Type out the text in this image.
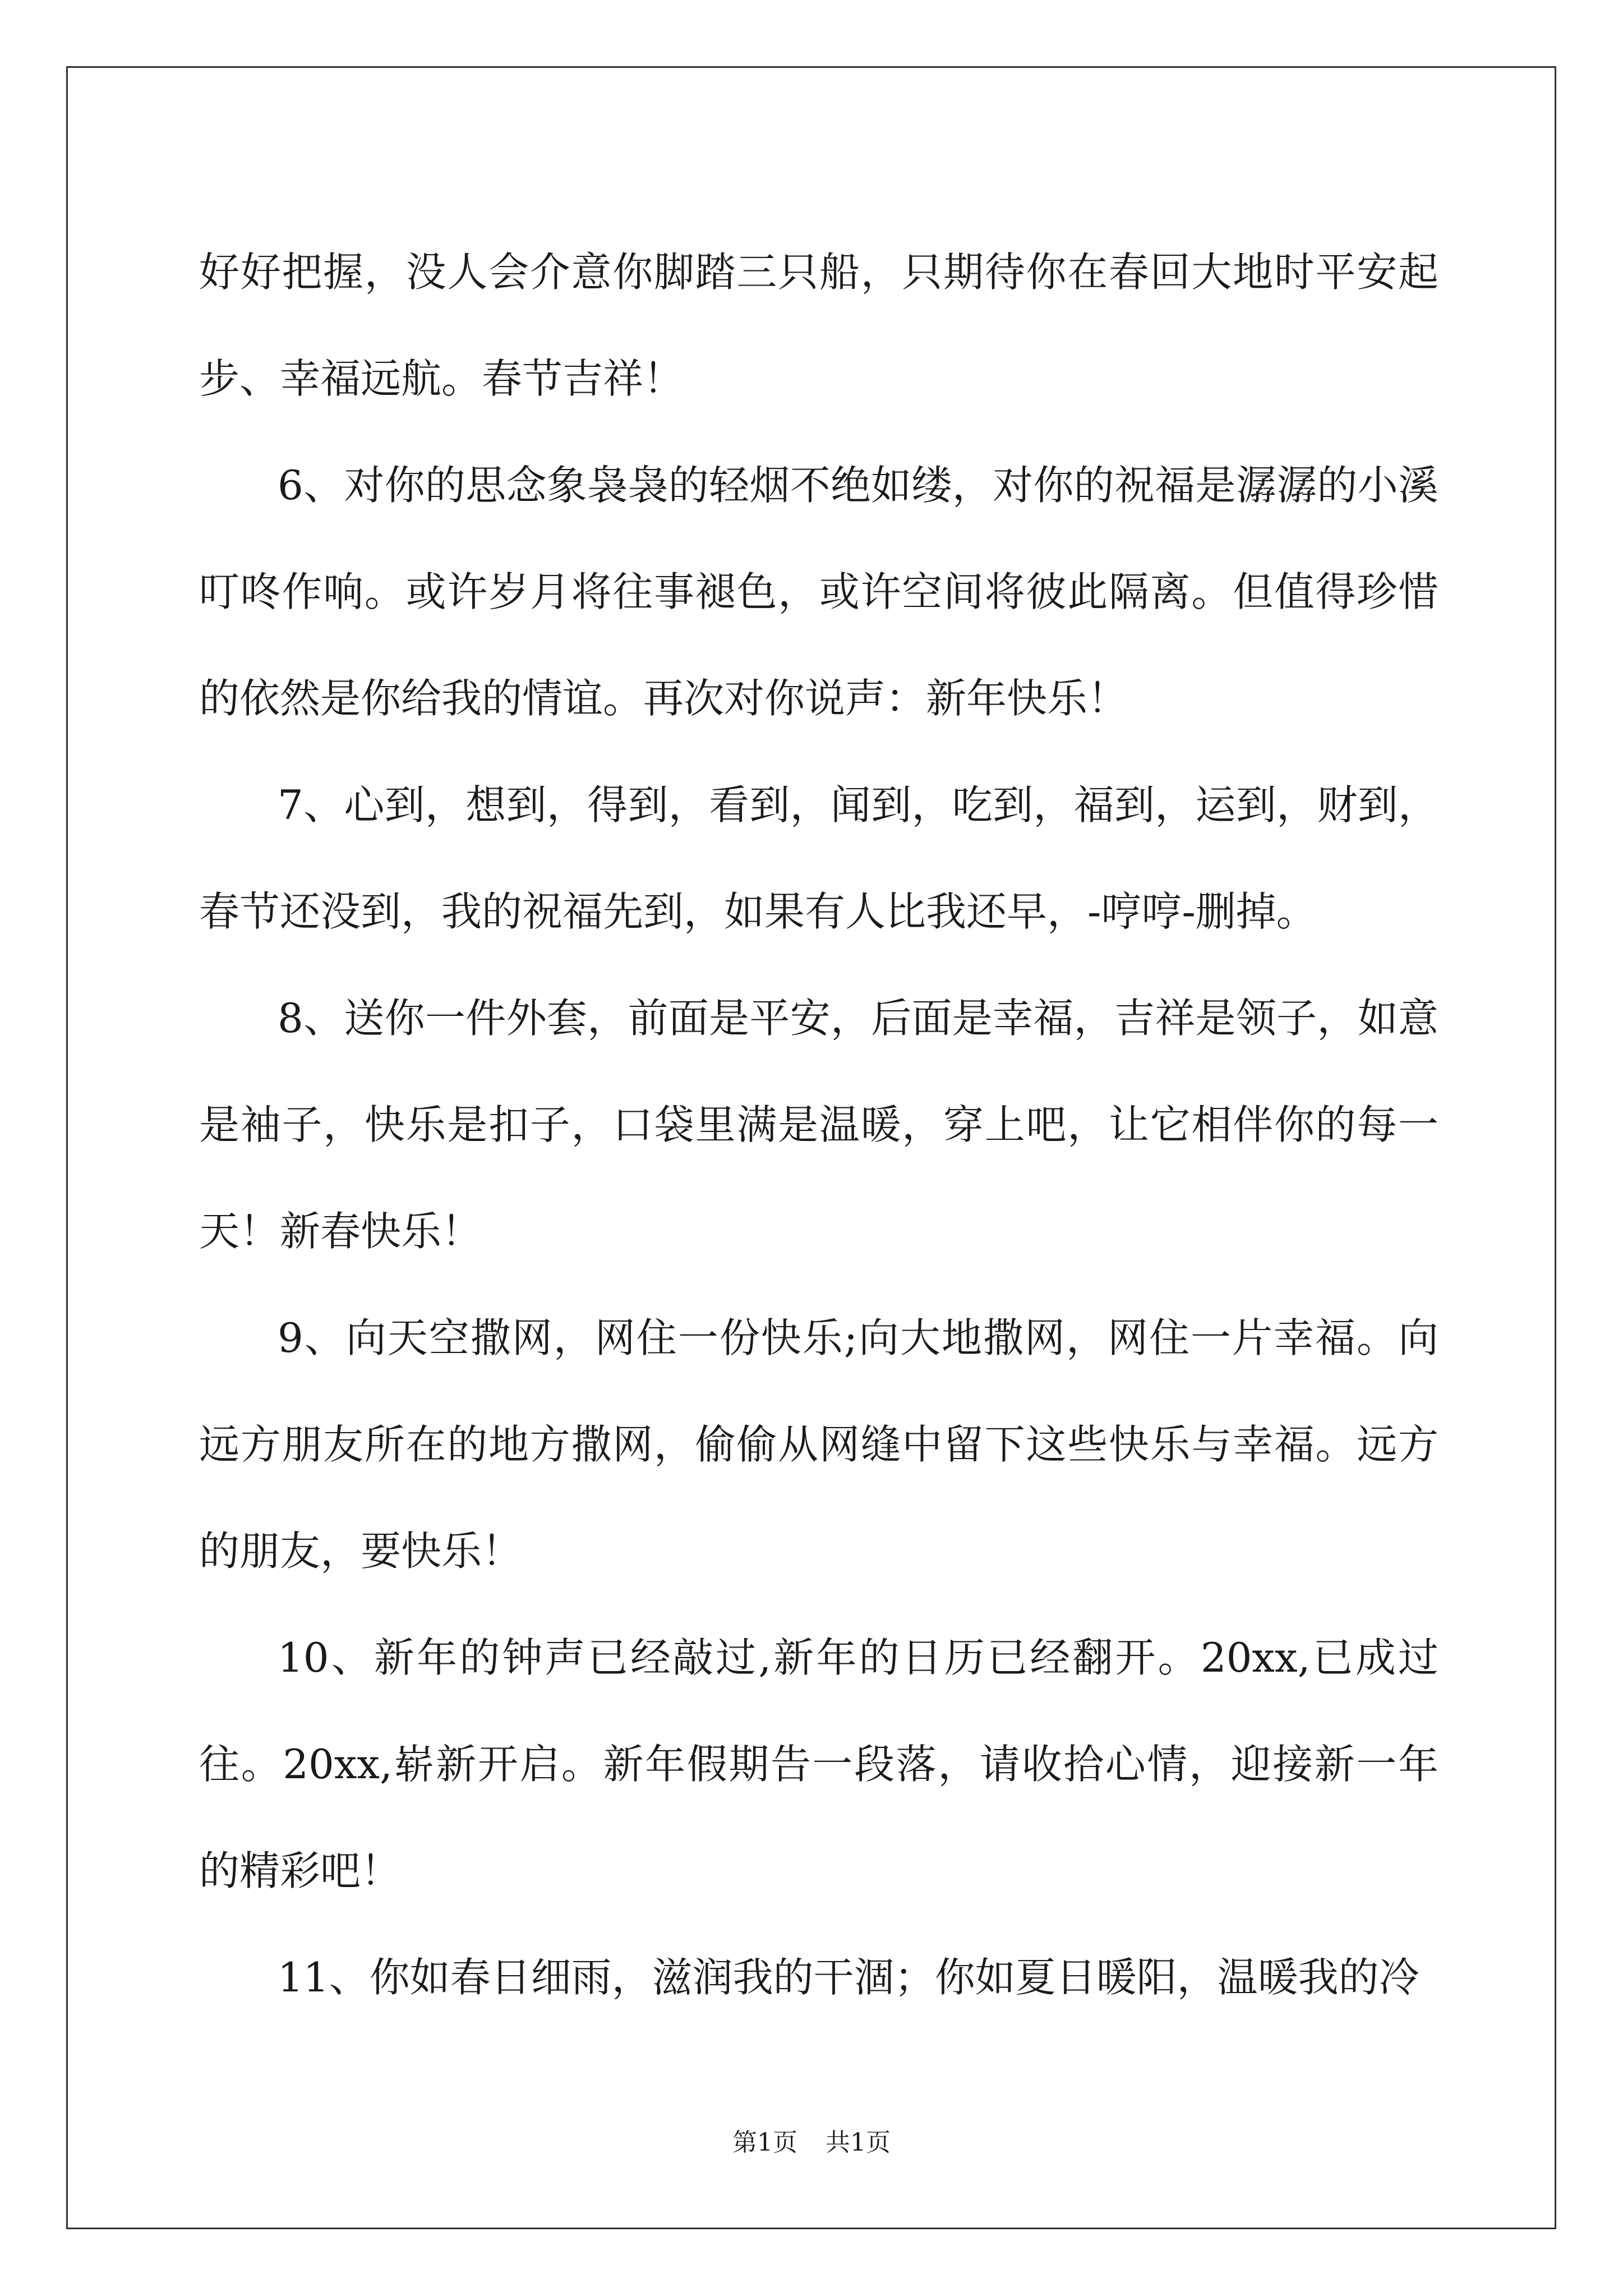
好好把握，没人会介意你脚踏三只船，只期待你在春回大地时平安起步、幸福远航。春节吉祥！

6、对你的思念象袅袅的轻烟不绝如缕，对你的祝福是潺潺的小溪叮咚作响。或许岁月将往事褪色，或许空间将彼此隔离。但值得珍惜的依然是你给我的情谊。再次对你说声：新年快乐！

7、心到，想到，得到，看到，闻到，吃到，福到，运到，财到，春节还没到，我的祝福先到，如果有人比我还早，-哼哼-删掉。

8、送你一件外套，前面是平安，后面是幸福，吉祥是领子，如意是袖子，快乐是扣子，口袋里满是温暖，穿上吧，让它相伴你的每一天！新春快乐！

9、向天空撒网，网住一份快乐;向大地撒网，网住一片幸福。向远方朋友所在的地方撒网，偷偷从网缝中留下这些快乐与幸福。远方的朋友，要快乐！

10、新年的钟声已经敲过,新年的日历已经翻开。20xx,已成过往。20xx,崭新开启。新年假期告一段落，请收拾心情，迎接新一年的精彩吧！

11、你如春日细雨，滋润我的干涸；你如夏日暖阳，温暖我的冷

第1页 共1页
